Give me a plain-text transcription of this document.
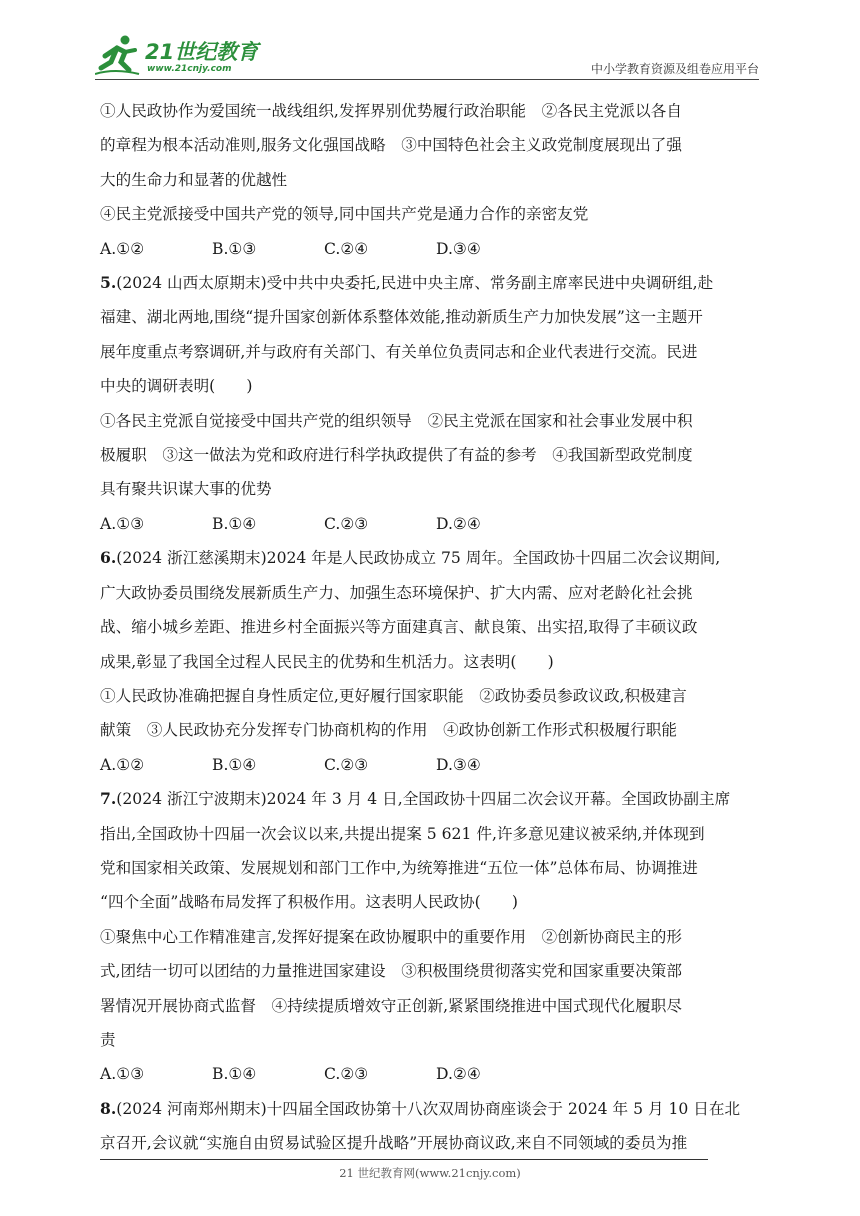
21世纪教育
www.21cnjy.com	中小学教育资源及组卷应用平台

①人民政协作为爱国统一战线组织,发挥界别优势履行政治职能　②各民主党派以各自

的章程为根本活动准则,服务文化强国战略　③中国特色社会主义政党制度展现出了强

大的生命力和显著的优越性

④民主党派接受中国共产党的领导,同中国共产党是通力合作的亲密友党

A.①②	B.①③	C.②④	D.③④

5.(2024 山西太原期末)受中共中央委托,民进中央主席、常务副主席率民进中央调研组,赴

福建、湖北两地,围绕“提升国家创新体系整体效能,推动新质生产力加快发展”这一主题开

展年度重点考察调研,并与政府有关部门、有关单位负责同志和企业代表进行交流。民进

中央的调研表明(　　)

①各民主党派自觉接受中国共产党的组织领导　②民主党派在国家和社会事业发展中积

极履职　③这一做法为党和政府进行科学执政提供了有益的参考　④我国新型政党制度

具有聚共识谋大事的优势

A.①③	B.①④	C.②③	D.②④

6.(2024 浙江慈溪期末)2024 年是人民政协成立 75 周年。全国政协十四届二次会议期间,

广大政协委员围绕发展新质生产力、加强生态环境保护、扩大内需、应对老龄化社会挑

战、缩小城乡差距、推进乡村全面振兴等方面建真言、献良策、出实招,取得了丰硕议政

成果,彰显了我国全过程人民民主的优势和生机活力。这表明(　　)

①人民政协准确把握自身性质定位,更好履行国家职能　②政协委员参政议政,积极建言

献策　③人民政协充分发挥专门协商机构的作用　④政协创新工作形式积极履行职能

A.①②	B.①④	C.②③	D.③④

7.(2024 浙江宁波期末)2024 年 3 月 4 日,全国政协十四届二次会议开幕。全国政协副主席

指出,全国政协十四届一次会议以来,共提出提案 5 621 件,许多意见建议被采纳,并体现到

党和国家相关政策、发展规划和部门工作中,为统筹推进“五位一体”总体布局、协调推进

“四个全面”战略布局发挥了积极作用。这表明人民政协(　　)

①聚焦中心工作精准建言,发挥好提案在政协履职中的重要作用　②创新协商民主的形

式,团结一切可以团结的力量推进国家建设　③积极围绕贯彻落实党和国家重要决策部

署情况开展协商式监督　④持续提质增效守正创新,紧紧围绕推进中国式现代化履职尽

责

A.①③	B.①④	C.②③	D.②④

8.(2024 河南郑州期末)十四届全国政协第十八次双周协商座谈会于 2024 年 5 月 10 日在北

京召开,会议就“实施自由贸易试验区提升战略”开展协商议政,来自不同领域的委员为推

21 世纪教育网(www.21cnjy.com)
